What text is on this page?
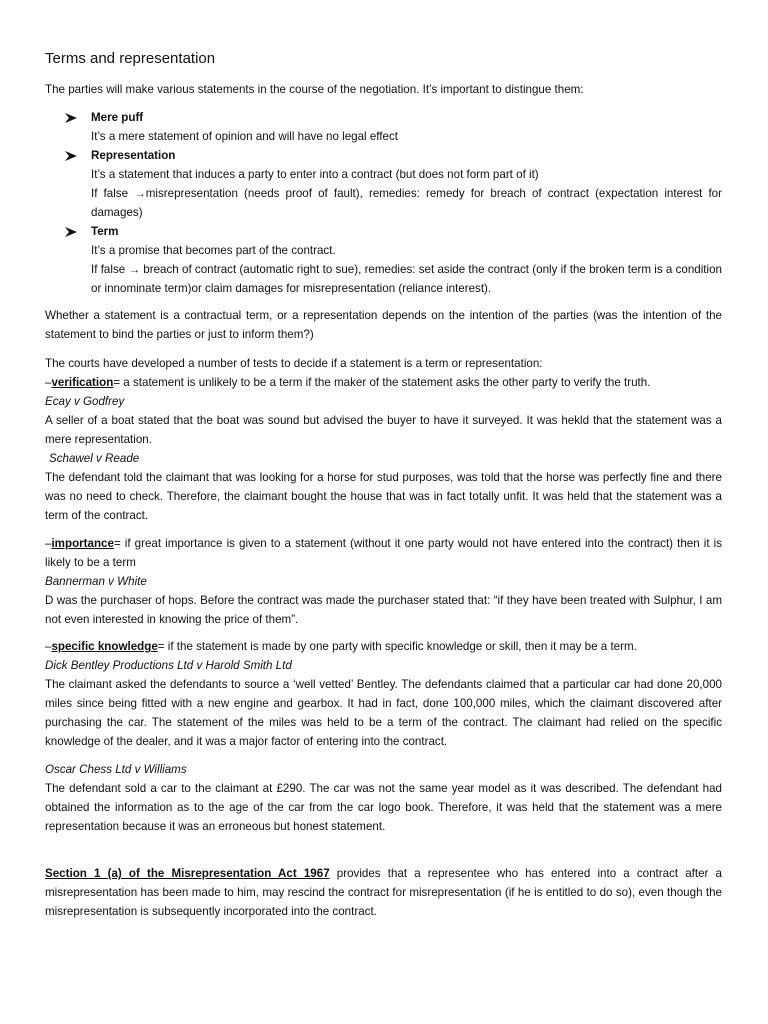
Terms and representation
The parties will make various statements in the course of the negotiation. It’s important to distingue them:
Mere puff
It’s a mere statement of opinion and will have no legal effect
Representation
It’s a statement that induces a party to enter into a contract (but does not form part of it)
If false →misrepresentation (needs proof of fault), remedies: remedy for breach of contract (expectation interest for damages)
Term
It’s a promise that becomes part of the contract.
If false → breach of contract (automatic right to sue), remedies: set aside the contract (only if the broken term is a condition or innominate term)or claim damages for misrepresentation (reliance interest).
Whether a statement is a contractual term, or a representation depends on the intention of the parties (was the intention of the statement to bind the parties or just to inform them?)
The courts have developed a number of tests to decide if a statement is a term or representation:
–verification= a statement is unlikely to be a term if the maker of the statement asks the other party to verify the truth.
Ecay v Godfrey
A seller of a boat stated that the boat was sound but advised the buyer to have it surveyed. It was hekld that the statement was a mere representation.
Schawel v Reade
The defendant told the claimant that was looking for a horse for stud purposes, was told that the horse was perfectly fine and there was no need to check. Therefore, the claimant bought the house that was in fact totally unfit. It was held that the statement was a term of the contract.
–importance= if great importance is given to a statement (without it one party would not have entered into the contract) then it is likely to be a term
Bannerman v White
D was the purchaser of hops. Before the contract was made the purchaser stated that: “if they have been treated with Sulphur, I am not even interested in knowing the price of them”.
–specific knowledge= if the statement is made by one party with specific knowledge or skill, then it may be a term.
Dick Bentley Productions Ltd v Harold Smith Ltd
The claimant asked the defendants to source a ‘well vetted’ Bentley. The defendants claimed that a particular car had done 20,000 miles since being fitted with a new engine and gearbox. It had in fact, done 100,000 miles, which the claimant discovered after purchasing the car. The statement of the miles was held to be a term of the contract. The claimant had relied on the specific knowledge of the dealer, and it was a major factor of entering into the contract.
Oscar Chess Ltd v Williams
The defendant sold a car to the claimant at £290. The car was not the same year model as it was described. The defendant had obtained the information as to the age of the car from the car logo book. Therefore, it was held that the statement was a mere representation because it was an erroneous but honest statement.
Section 1 (a) of the Misrepresentation Act 1967 provides that a representee who has entered into a contract after a misrepresentation has been made to him, may rescind the contract for misrepresentation (if he is entitled to do so), even though the misrepresentation is subsequently incorporated into the contract.
